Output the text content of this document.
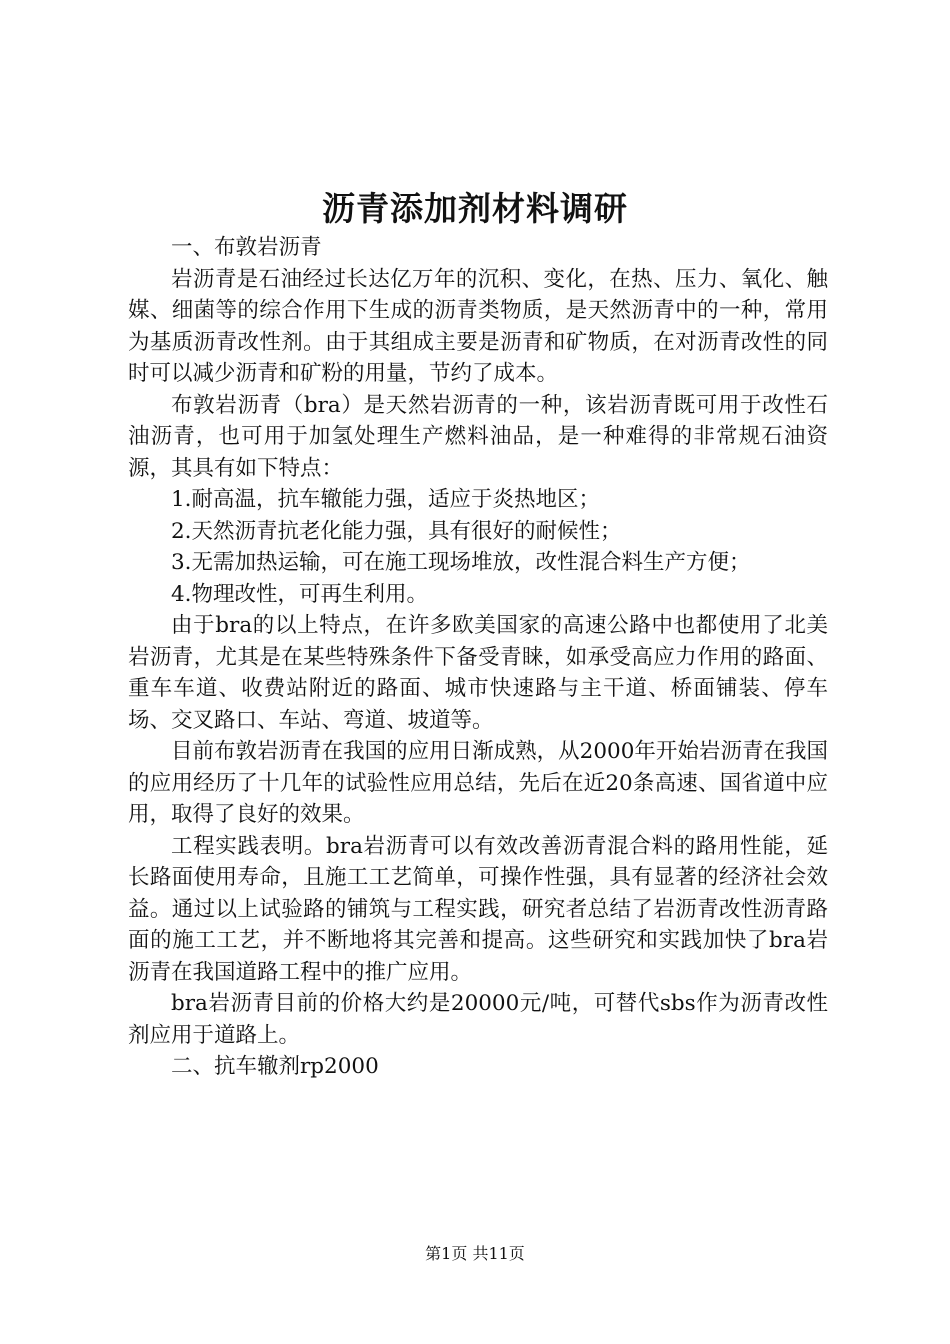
沥青添加剂材料调研

一、布敦岩沥青

岩沥青是石油经过长达亿万年的沉积、变化，在热、压力、氧化、触媒、细菌等的综合作用下生成的沥青类物质，是天然沥青中的一种，常用为基质沥青改性剂。由于其组成主要是沥青和矿物质，在对沥青改性的同时可以减少沥青和矿粉的用量，节约了成本。

布敦岩沥青（bra）是天然岩沥青的一种，该岩沥青既可用于改性石油沥青，也可用于加氢处理生产燃料油品，是一种难得的非常规石油资源，其具有如下特点：

1.耐高温，抗车辙能力强，适应于炎热地区；

2.天然沥青抗老化能力强，具有很好的耐候性；

3.无需加热运输，可在施工现场堆放，改性混合料生产方便；

4.物理改性，可再生利用。

由于bra的以上特点，在许多欧美国家的高速公路中也都使用了北美岩沥青，尤其是在某些特殊条件下备受青睐，如承受高应力作用的路面、重车车道、收费站附近的路面、城市快速路与主干道、桥面铺装、停车场、交叉路口、车站、弯道、坡道等。

目前布敦岩沥青在我国的应用日渐成熟，从2000年开始岩沥青在我国的应用经历了十几年的试验性应用总结，先后在近20条高速、国省道中应用，取得了良好的效果。

工程实践表明。bra岩沥青可以有效改善沥青混合料的路用性能，延长路面使用寿命，且施工工艺简单，可操作性强，具有显著的经济社会效益。通过以上试验路的铺筑与工程实践，研究者总结了岩沥青改性沥青路面的施工工艺，并不断地将其完善和提高。这些研究和实践加快了bra岩沥青在我国道路工程中的推广应用。

bra岩沥青目前的价格大约是20000元/吨，可替代sbs作为沥青改性剂应用于道路上。

二、抗车辙剂rp2000

第1页 共11页
